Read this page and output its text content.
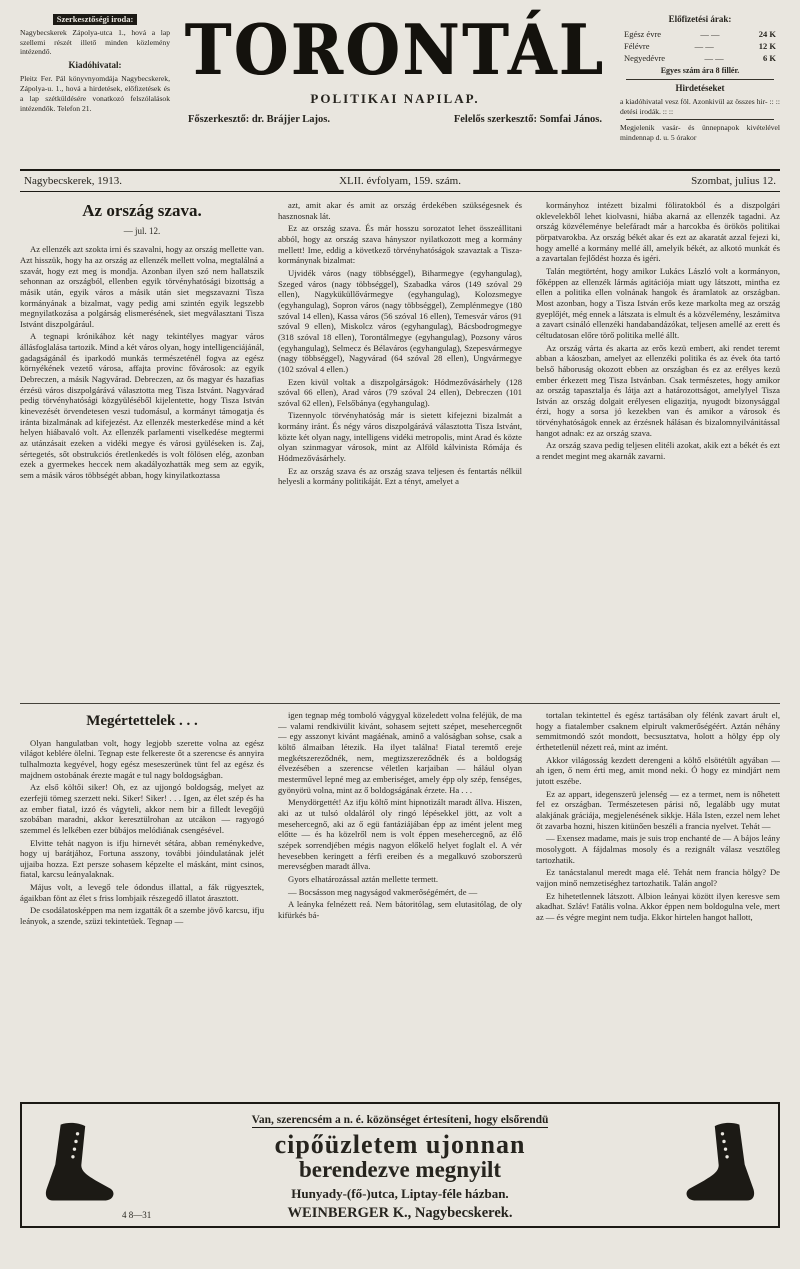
Szerkesztőségi iroda:

Nagybecskerek Zápolya-utca 1., hová a lap szellemi részét illető minden közlemény intézendő.

Kiadóhivatal:

Pleitz Fer. Pál könyvnyomdája Nagybecskerek, Zápolya-u. 1., hová a hirdetések, előfizetések és a lap szétküldésére vonatkozó felszólalások intézendők. Telefon 21.

TORONTÁL
POLITIKAI NAPILAP.
Főszerkesztő: dr. Brájjer Lajos.	Felelős szerkesztő: Somfai János.
Előfizetési árak:
Egész évre	— —	24 K
Félévre	— —	12 K
Negyedévre	— —	6 K
Egyes szám ára 8 fillér.
Hirdetéseket

a kiadóhivatal vesz föl. Azonkivül az összes hir- :: :: detési irodák. :: ::

Megjelenik vasár- és ünnepnapok kivételével mindennap d. u. 5 órakor

Nagybecskerek, 1913.	XLII. évfolyam, 159. szám.	Szombat, julius 12.
Az ország szava.
— jul. 12.

Az ellenzék azt szokta irni és szavalni, hogy az ország mellette van. Azt hisszük, hogy ha az ország az ellenzék mellett volna, megtalálná a szavát, hogy ezt meg is mondja. Azonban ilyen szó nem hallatszik sehonnan az országból, ellenben egyik törvényhatósági bizottság a másik után, egyik város a másik után siet megszavazni Tisza kormányának a bizalmat, vagy pedig ami szintén egyik legszebb megnyilatkozása a polgárság elismerésének, siet megválasztani Tisza Istvánt diszpolgárául.

A tegnapi krónikához két nagy tekintélyes magyar város állásfoglalása tartozik. Mind a két város olyan, hogy intelligenciájánál, gadagságánál és iparkodó munkás természeténél fogva az egész környékének vezető városa, affajta provinc fővárosok: az egyik Debreczen, a másik Nagyvárad. Debreczen, az ős magyar és hazafias érzésü város diszpolgárává választotta meg Tisza Istvánt. Nagyvárad pedig törvényhatósági közgyüléséből kijelentette, hogy Tisza István kinevezését örvendetesen veszi tudomásul, a kormányt támogatja és iránta bizalmának ad kifejezést. Az ellenzék mesterkedése mind a két helyen hiábavaló volt. Az ellenzék parlamenti viselkedése megtermi az utánzásait ezeken a vidéki megye és városi gyüléseken is. Zaj, sértegetés, sőt obstrukciós éretlenkedés is volt fölösen elég, azonban ezek a gyermekes heccek nem akadályozhatták meg sem az egyik, sem a másik város többségét abban, hogy kinyilatkoztassa

azt, amit akar és amit az ország érdekében szükségesnek és hasznosnak lát.

Ez az ország szava. És már hosszu sorozatot lehet összeállitani abból, hogy az ország szava hányszor nyilatkozott meg a kormány mellett! Ime, eddig a következő törvényhatóságok szavaztak a Tisza-kormánynak bizalmat:

Ujvidék város (nagy többséggel), Biharmegye (egyhangulag), Szeged város (nagy többséggel), Szabadka város (149 szóval 29 ellen), Nagyküküllővármegye (egyhangulag), Kolozsmegye (egyhangulag), Sopron város (nagy többséggel), Zemplénmegye (180 szóval 14 ellen), Kassa város (56 szóval 16 ellen), Temesvár város (91 szóval 9 ellen), Miskolcz város (egyhangulag), Bácsbodrogmegye (318 szóval 18 ellen), Torontálmegye (egyhangulag), Pozsony város (egyhangulag), Selmecz és Bélaváros (egyhangulag), Szepesvármegye (nagy többséggel), Nagyvárad (64 szóval 28 ellen), Ungvármegye (102 szóval 4 ellen.)

Ezen kivül voltak a diszpolgárságok: Hódmezővásárhely (128 szóval 66 ellen), Arad város (79 szóval 24 ellen), Debreczen (101 szóval 62 ellen), Felsőbánya (egyhangulag).

Tizennyolc törvényhatóság már is sietett kifejezni bizalmát a kormány iránt. És négy város diszpolgárává választotta Tisza Istvánt, közte két olyan nagy, intelligens vidéki metropolis, mint Arad és közte olyan szinmagyar városok, mint az Alföld kálvinista Rómája és Hódmezővásárhely.

Ez az ország szava és az ország szava teljesen és fentartás nélkül helyesli a kormány politikáját. Ezt a tényt, amelyet a

kormányhoz intézett bizalmi föliratokból és a diszpolgári oklevelekből lehet kiolvasni, hiába akarná az ellenzék tagadni. Az ország közvéleménye belefáradt már a harcokba és örökös politikai pörpatvarokba. Az ország békét akar és ezt az akaratát azzal fejezi ki, hogy amellé a kormány mellé áll, amelyik békét, az alkotó munkát és a zavartalan fejlődést hozza és igéri.

Talán megtörtént, hogy amikor Lukács László volt a kormányon, főképpen az ellenzék lármás agitációja miatt ugy látszott, mintha ez ellen a politika ellen volnának hangok és áramlatok az országban. Most azonban, hogy a Tisza István erős keze markolta meg az ország gyeplőjét, még ennek a látszata is elmult és a közvélemény, leszámitva a zavart csináló ellenzéki handabandázókat, teljesen amellé az erett és céltudatosan előre törő politika mellé állt.

Az ország várta és akarta az erős kezü embert, aki rendet teremt abban a káoszban, amelyet az ellenzéki politika és az évek óta tartó belső háboruság okozott ebben az országban és ez az erélyes kezü ember érkezett meg Tisza Istvánban. Csak természetes, hogy amikor az ország tapasztalja és látja azt a határozottságot, amelylyel Tisza István az ország dolgait erélyesen eligazitja, nyugodt bizonysággal érzi, hogy a sorsa jó kezekben van és amikor a városok és törvényhatóságok ennek az érzésnek hálásan és bizalomnyilvánitással hangot adnak: ez az ország szava.

Az ország szava pedig teljesen elitéli azokat, akik ezt a békét és ezt a rendet megint meg akarnák zavarni.

Megértettelek . . .

Olyan hangulatban volt, hogy legjobb szerette volna az egész világot keblére ölelni. Tegnap este felkereste őt a szerencse és annyira tulhalmozta kegyével, hogy egész meseszerünek tünt fel az egész és majdnem ostobának érezte magát e tul nagy boldogságban.

Az első költői siker! Oh, ez az ujjongó boldogság, melyet az ezerfejü tömeg szerzett neki. Siker! Siker! . . . Igen, az élet szép és ha az ember fiatal, izzó és vágyteli, akkor nem bir a filledt levegőjü szobában maradni, akkor keresztülrohan az utcákon — ragyogó szemmel és lelkében ezer bübájos melódiának csengésével.

Elvitte tehát nagyon is ifju hirnevét sétára, abban reménykedve, hogy uj barátjához, Fortuna asszony, további jóindulatának jelét ujjaiba hozza. Ezt persze sohasem képzelte el máskánt, mint csinos, fiatal, karcsu leányalaknak.

Május volt, a levegő tele ódondus illattal, a fák rügyesztek, ágaikban fönt az élet s friss lombjaik részegedő illatot árasztott.

De csodálatosképpen ma nem izgatták őt a szembe jövő karcsu, ifju leányok, a szende, szüzi tekintetüek. Tegnap —

igen tegnap még tomboló vágygyal közeledett volna feléjük, de ma — valami rendkivülit kivánt, sohasem sejtett szépet, mesehercegnőt — egy asszonyt kivánt magáénak, aminő a valóságban sohse, csak a költő álmaiban létezik. Ha ilyet találna! Fiatal teremtő ereje megkétszereződnék, nem, megtizszereződnék és a boldogság élvezésében a szerencse véletlen karjaiban — hálául olyan mesterművel lepné meg az emberiséget, amely épp oly szép, fenséges, gyönyörü volna, mint az ő boldogságának érzete. Ha . . .

Menydörgettét! Az ifju költő mint hipnotizált maradt állva. Hiszen, aki az ut tulsó oldaláról oly ringó lépésekkel jött, az volt a mesehercegnő, aki az ő egü fantáziájában épp az imént jelent meg előtte — és ha közelről nem is volt éppen mesehercegnő, az élő szépek sorrendjében mégis nagyon előkelő helyet foglalt el. A vér hevesebben keringett a férfi ereiben és a megalkuvó szoborszerü merevségben maradt állva.

Gyors elhatározással aztán mellette termett.

— Bocsásson meg nagyságod vakmerőségémért, de —

A leányka felnézett reá. Nem bátoritólag, sem elutasitólag, de oly kifürkés bá-

tortalan tekintettel és egész tartásában oly félénk zavart árult el, hogy a fiatalember csaknem elpirult vakmerőségéért. Aztán néhány semmitmondó szót mondott, becsusztatva, holott a hölgy épp oly érthetetlenül nézett reá, mint az imént.

Akkor világosság kezdett derengeni a költő elsötétült agyában — ah igen, ő nem érti meg, amit mond neki. Ó hogy ez mindjárt nem jutott eszébe.

Ez az appart, idegenszerü jelenség — ez a termet, nem is nőhetett fel ez országban. Természetesen párisi nő, legalább ugy mutat alakjának gráciája, megjelenésének sikkje. Hála Isten, ezzel nem lehet őt zavarba hozni, hiszen kitünően beszéli a francia nyelvet. Tehát —

— Exensez madame, mais je suis trop enchanté de — A bájos leány mosolygott. A fájdalmas mosoly és a rezignált válasz vesztőleg tartozhatik.

Ez tanácstalanul meredt maga elé. Tehát nem francia hölgy? De vajjon minő nemzetiséghez tartozhatik. Talán angol?

Ez hihetetlennek látszott. Albion leányai között ilyen keresve sem akadhat. Szláv! Fatális volna. Akkor éppen nem boldogulna vele, mert az — és végre megint nem tudja. Ekkor hirtelen hangot hallott,

Van, szerencsém a n. é. közönséget értesíteni, hogy elsőrendü
cipőüzletem ujonnan
berendezve megnyilt
Hunyady-(fő-)utca, Liptay-féle házban.
4 8—31	WEINBERGER K., Nagybecskerek.
